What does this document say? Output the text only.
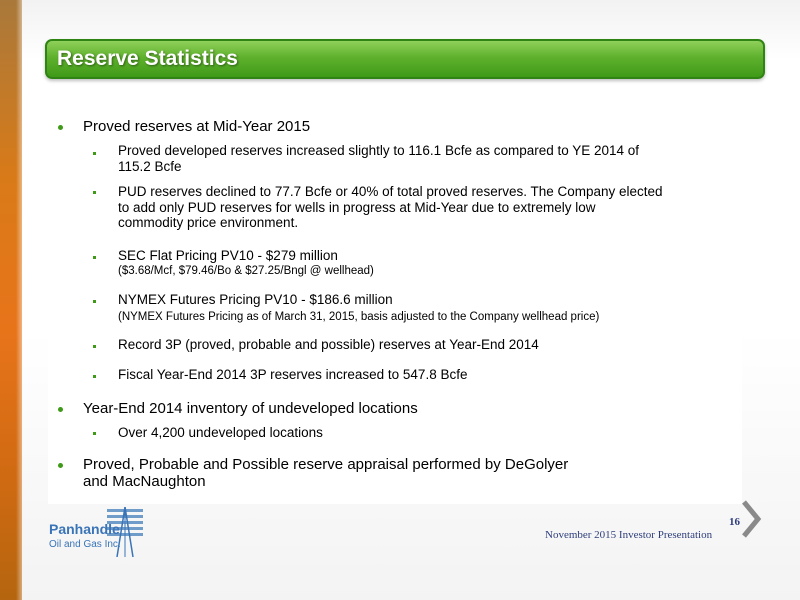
Reserve Statistics
Proved reserves at Mid-Year 2015
Proved developed reserves increased slightly to 116.1 Bcfe as compared to YE 2014 of
115.2 Bcfe
PUD reserves declined to 77.7 Bcfe or 40% of total proved reserves. The Company elected
to add only PUD reserves for wells in progress at Mid-Year due to extremely low
commodity price environment.
SEC Flat Pricing PV10 - $279 million
($3.68/Mcf, $79.46/Bo & $27.25/Bngl @ wellhead)
NYMEX Futures Pricing PV10 - $186.6 million
(NYMEX Futures Pricing as of March 31, 2015, basis adjusted to the Company wellhead price)
Record 3P (proved, probable and possible) reserves at Year-End 2014
Fiscal Year-End 2014 3P reserves increased to 547.8 Bcfe
Year-End 2014 inventory of undeveloped locations
Over 4,200 undeveloped locations
Proved, Probable and Possible reserve appraisal performed by DeGolyer
and MacNaughton
Panhandle
Oil and Gas Inc.
16
November 2015 Investor Presentation
